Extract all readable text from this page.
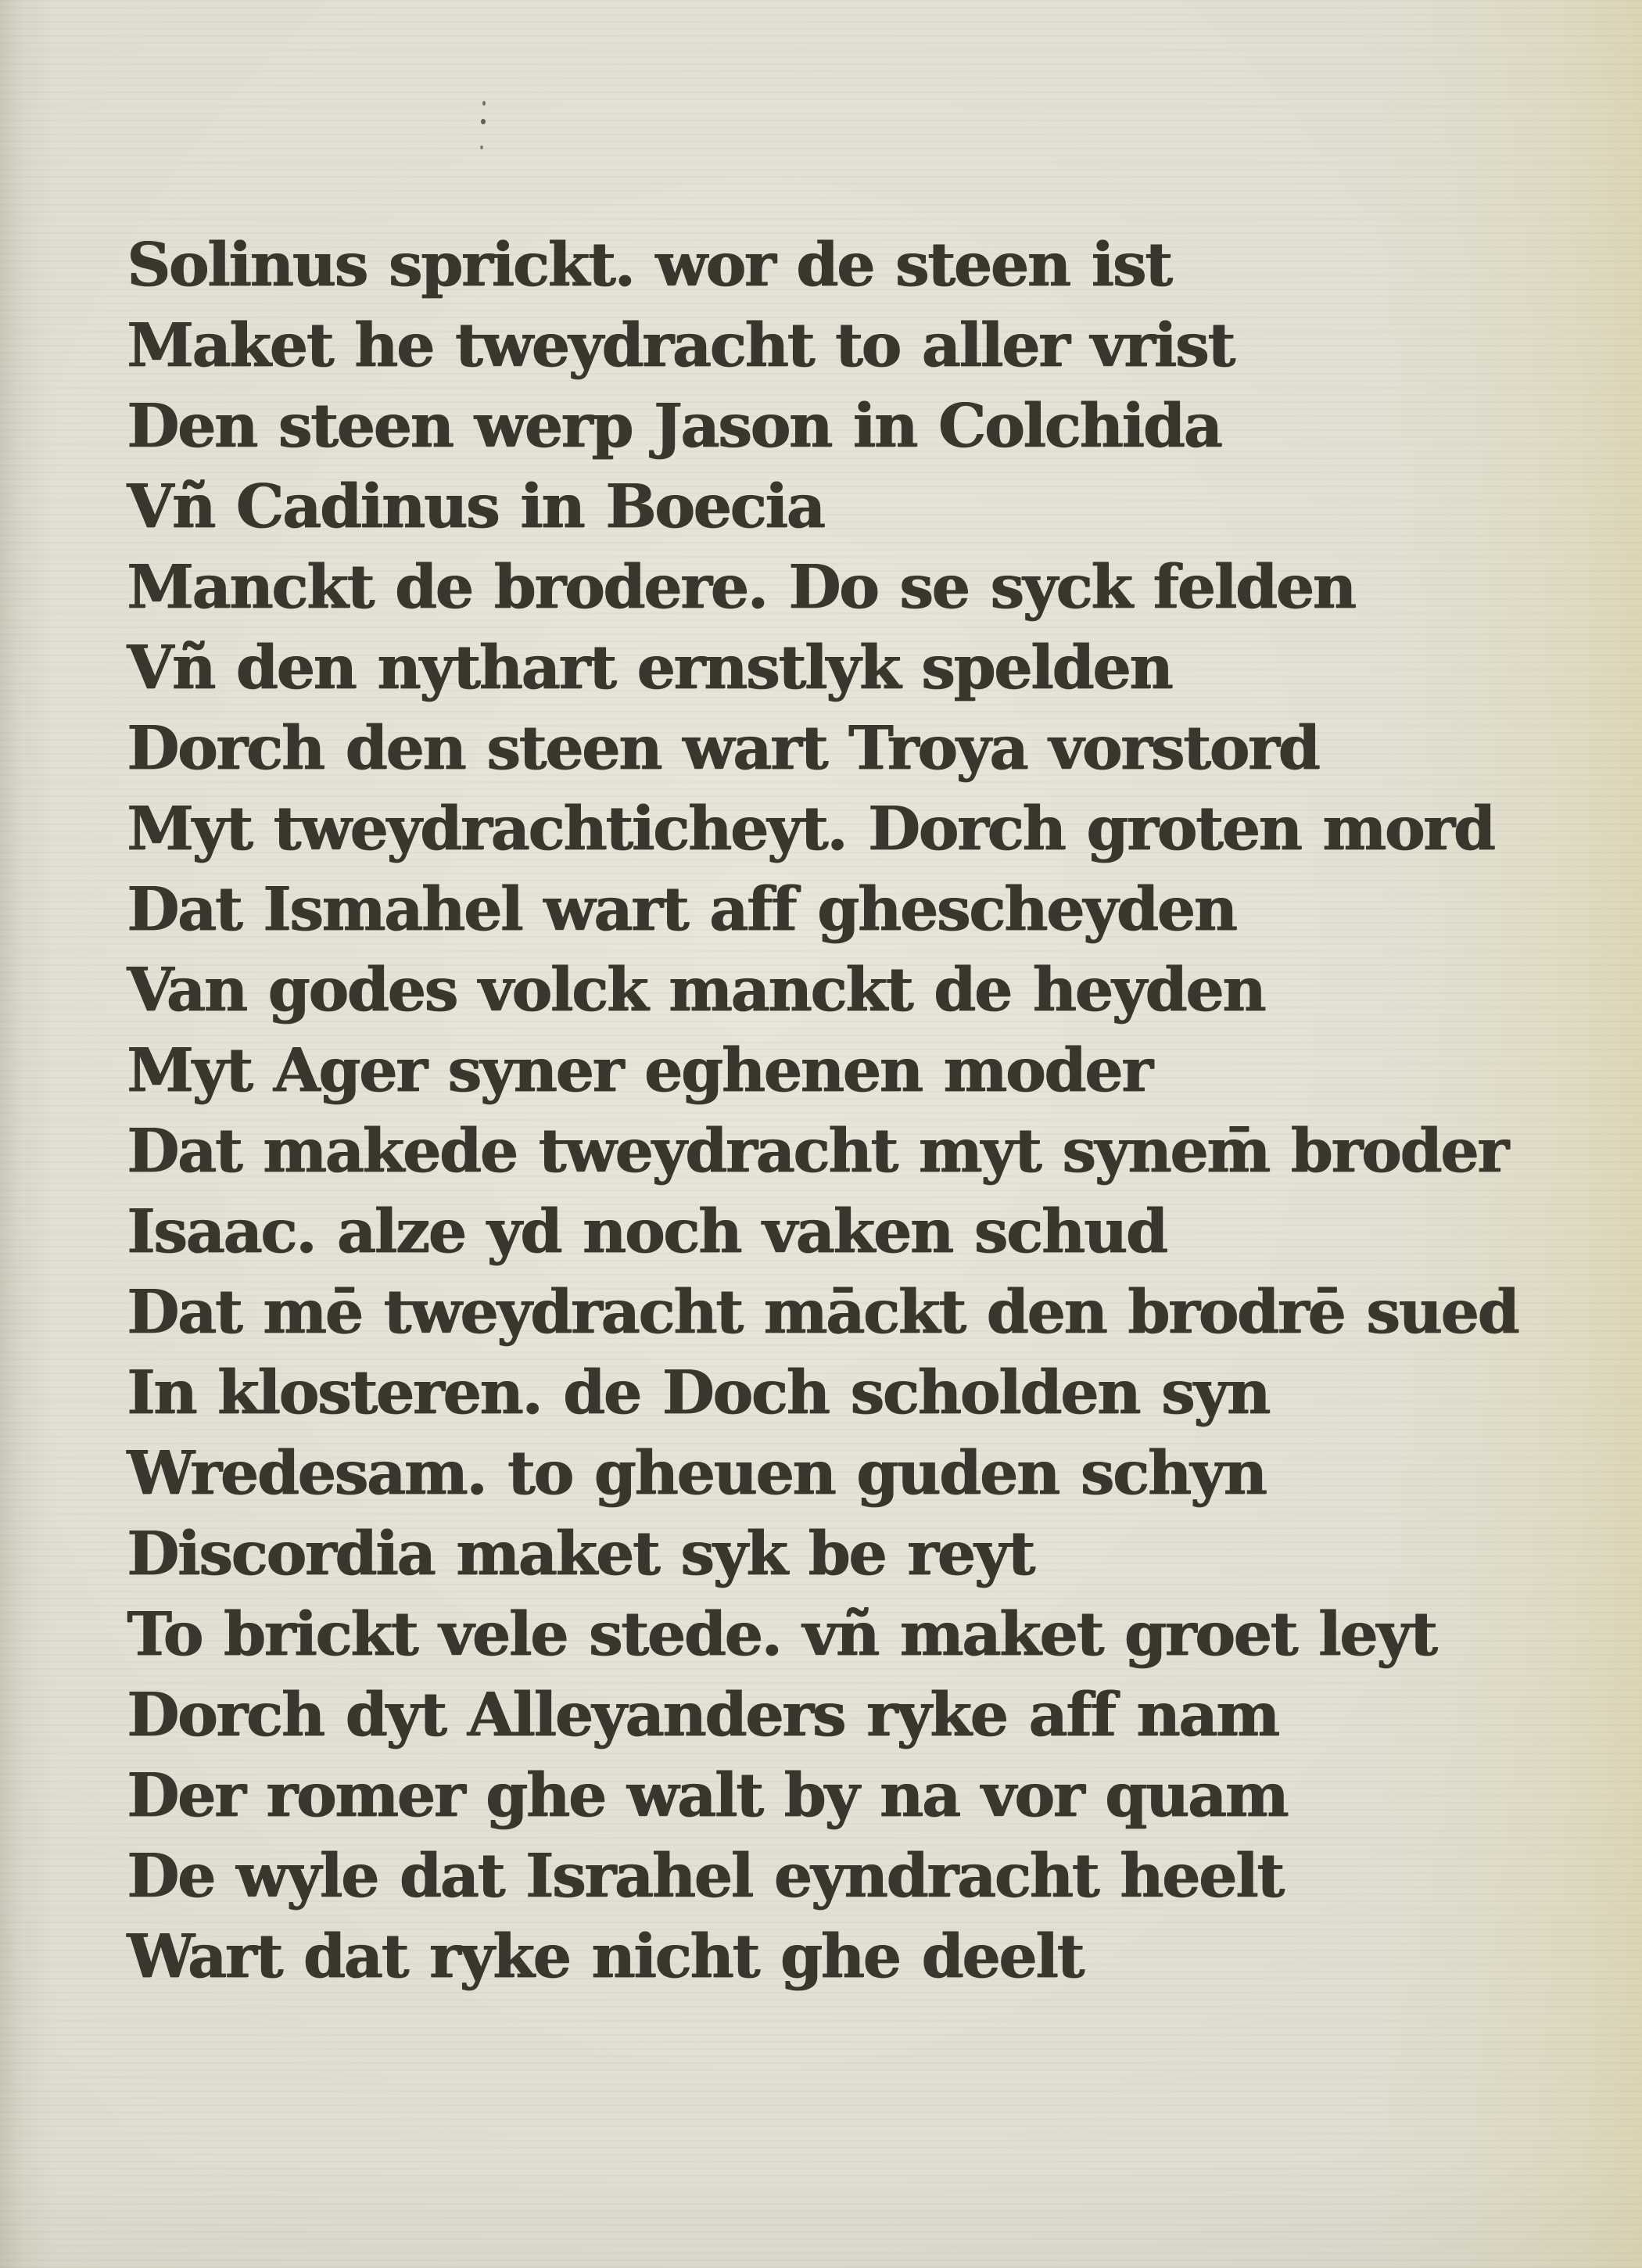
Solinus sprickt. wor de steen ist
Maket he tweydracht to aller vrist
Den steen werp Jason in Colchida
Vñ Cadinus in Boecia
Manckt de brodere. Do se syck felden
Vñ den nythart ernstlyk spelden
Dorch den steen wart Troya vorstord
Myt tweydrachticheyt. Dorch groten mord
Dat Ismahel wart aff ghescheyden
Van godes volck manckt de heyden
Myt Ager syner eghenen moder
Dat makede tweydracht myt synem̄ broder
Isaac. alze yd noch vaken schud
Dat mē tweydracht māckt den brodrē sued
In klosteren. de Doch scholden syn
Wredesam. to gheuen guden schyn
Discordia maket syk be reyt
To brickt vele stede. vñ maket groet leyt
Dorch dyt Alleyanders ryke aff nam
Der romer ghe walt by na vor quam
De wyle dat Israhel eyndracht heelt
Wart dat ryke nicht ghe deelt
